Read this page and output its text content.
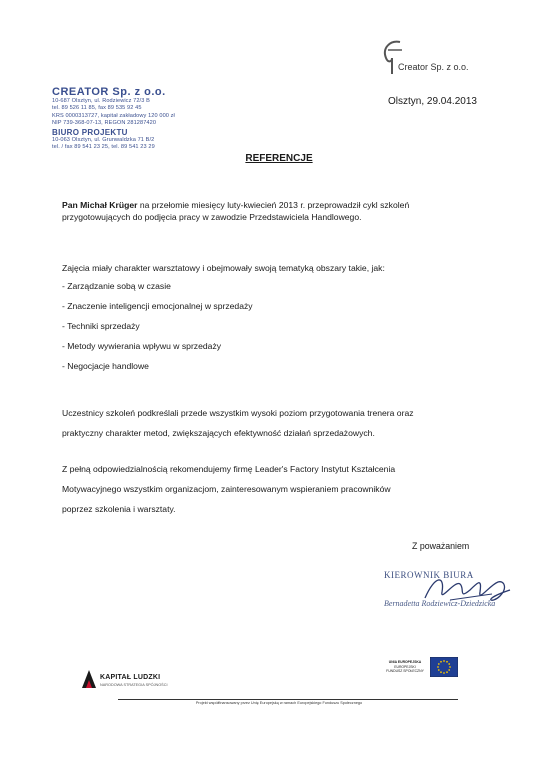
Creator Sp. z o.o.
CREATOR Sp. z o.o.
10-687 Olsztyn, ul. Rodziewicz 72/3 B
tel. 89 526 11 85, fax 89 535 92 45
KRS 0000313727, kapitał zakładowy 120 000 zł
NIP 739-368-07-13, REGON 281287420
BIURO PROJEKTU
10-063 Olsztyn, ul. Grunwaldzka 71 B/2
tel. / fax 89 541 23 25, tel. 89 541 23 29
Olsztyn, 29.04.2013
REFERENCJE
Pan Michał Krüger na przełomie miesięcy luty-kwiecień 2013 r. przeprowadził cykl szkoleń
przygotowujących do podjęcia pracy w zawodzie Przedstawiciela Handlowego.
Zajęcia miały charakter warsztatowy i obejmowały swoją tematyką obszary takie, jak:
- Zarządzanie sobą w czasie
- Znaczenie inteligencji emocjonalnej w sprzedaży
- Techniki sprzedaży
- Metody wywierania wpływu w sprzedaży
- Negocjacje handlowe
Uczestnicy szkoleń podkreślali przede wszystkim wysoki poziom przygotowania trenera oraz
praktyczny charakter metod, zwiększających efektywność działań sprzedażowych.
Z pełną odpowiedzialnością rekomendujemy firmę Leader's Factory Instytut Kształcenia
Motywacyjnego wszystkim organizacjom, zainteresowanym wspieraniem pracowników
poprzez szkolenia i warsztaty.
Z poważaniem
KIEROWNIK BIURA
Bernadetta Rodziewicz-Dziedzicka
KAPITAŁ LUDZKI
NARODOWA STRATEGIA SPÓJNOŚCI
UNIA EUROPEJSKA
EUROPEJSKI
FUNDUSZ SPOŁECZNY
Projekt współfinansowany przez Unię Europejską w ramach Europejskiego Funduszu Społecznego
